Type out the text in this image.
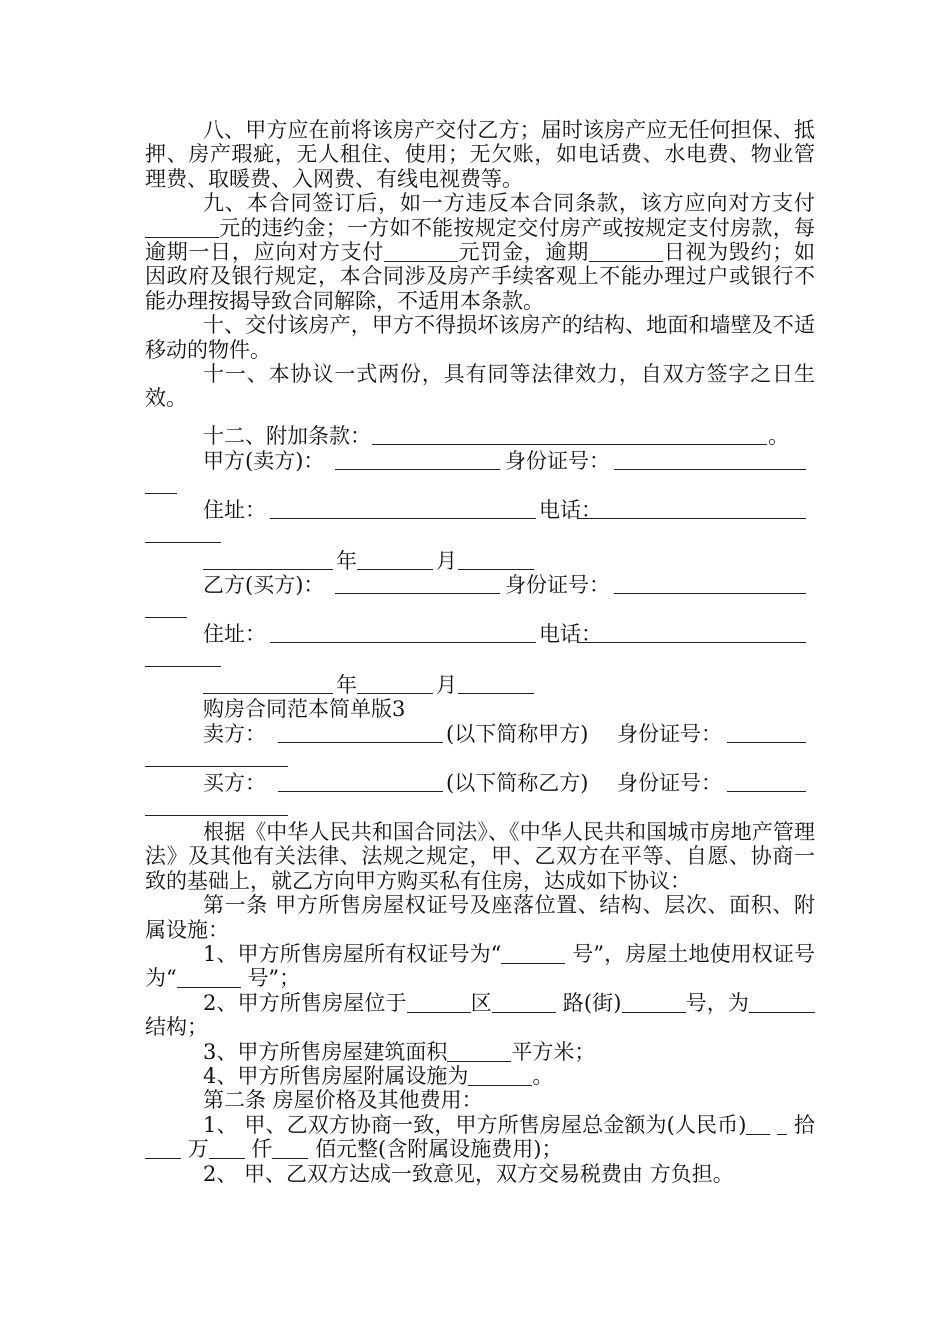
八、甲方应在前将该房产交付乙方；届时该房产应无任何担保、抵押、房产瑕疵，无人租住、使用；无欠账，如电话费、水电费、物业管理费、取暖费、入网费、有线电视费等。

九、本合同签订后，如一方违反本合同条款，该方应向对方支付元的违约金；一方如不能按规定交付房产或按规定支付房款，每逾期一日，应向对方支付	元罚金，逾期	日视为毁约；如因政府及银行规定，本合同涉及房产手续客观上不能办理过户或银行不能办理按揭导致合同解除，不适用本条款。

十、交付该房产，甲方不得损坏该房产的结构、地面和墙壁及不适移动的物件。

十一、本协议一式两份，具有同等法律效力，自双方签字之日生效。

十二、附加条款：	。
甲方(卖方)：	身份证号：
住址：	电话：
年	月
乙方(买方)：	身份证号：
住址：	电话：
年	月
购房合同范本简单版3
卖方：	(以下简称甲方) 身份证号：
买方：	(以下简称乙方) 身份证号：

根据《中华人民共和国合同法》、《中华人民共和国城市房地产管理法》及其他有关法律、法规之规定，甲、乙双方在平等、自愿、协商一致的基础上，就乙方向甲方购买私有住房，达成如下协议：

第一条 甲方所售房屋权证号及座落位置、结构、层次、面积、附属设施：

1、甲方所售房屋所有权证号为“	号”，房屋土地使用权证号为“	号”；

2、甲方所售房屋位于	区	路(街)	号，为结构；

3、甲方所售房屋建筑面积	平方米；

4、甲方所售房屋附属设施为	。

第二条 房屋价格及其他费用：

1、 甲、乙双方协商一致，甲方所售房屋总金额为(人民币) 拾 万 仟 佰元整(含附属设施费用)；

2、 甲、乙双方达成一致意见，双方交易税费由 方负担。
